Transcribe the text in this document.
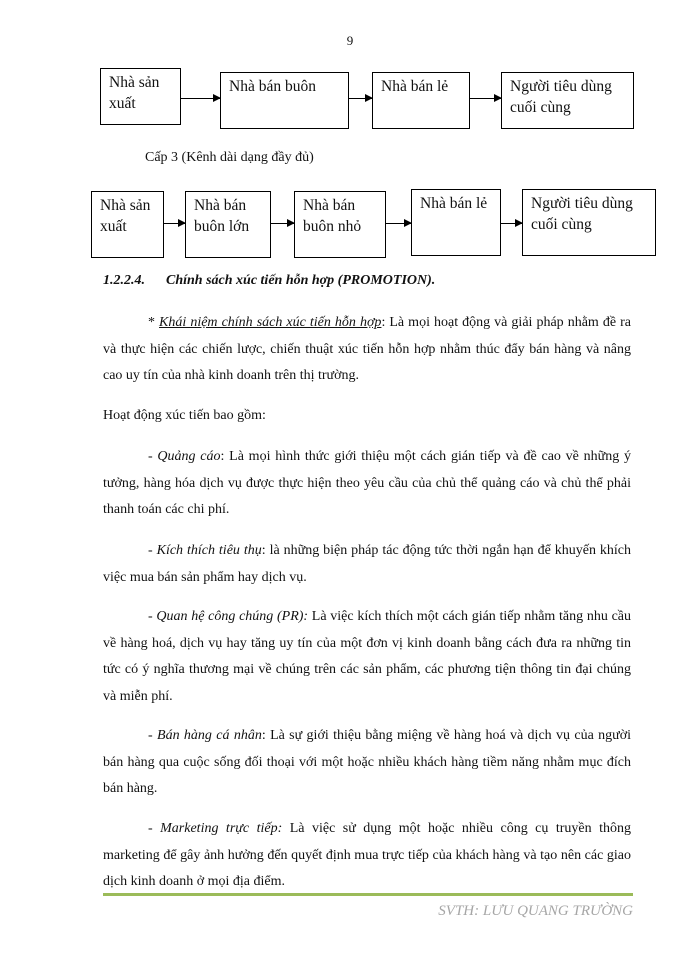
9
Nhà sản xuất
Nhà bán buôn	Nhà bán lẻ	Người tiêu dùng cuối cùng
Cấp 3 (Kênh dài dạng đầy đủ)
Nhà sản xuất
Nhà bán buôn lớn
Nhà bán buôn nhỏ
Nhà bán lẻ	Người tiêu dùng cuối cùng
1.2.2.4. Chính sách xúc tiến hỗn hợp (PROMOTION).

* Khái niệm chính sách xúc tiến hỗn hợp: Là mọi hoạt động và giải pháp nhằm đề ra và thực hiện các chiến lược, chiến thuật xúc tiến hỗn hợp nhằm thúc đẩy bán hàng và nâng cao uy tín của nhà kinh doanh trên thị trường.

Hoạt động xúc tiến bao gồm:

- Quảng cáo: Là mọi hình thức giới thiệu một cách gián tiếp và đề cao về những ý tưởng, hàng hóa dịch vụ được thực hiện theo yêu cầu của chủ thể quảng cáo và chủ thể phải thanh toán các chi phí.

- Kích thích tiêu thụ: là những biện pháp tác động tức thời ngắn hạn để khuyến khích việc mua bán sản phẩm hay dịch vụ.

- Quan hệ công chúng (PR): Là việc kích thích một cách gián tiếp nhằm tăng nhu cầu về hàng hoá, dịch vụ hay tăng uy tín của một đơn vị kinh doanh bằng cách đưa ra những tin tức có ý nghĩa thương mại về chúng trên các sản phẩm, các phương tiện thông tin đại chúng và miễn phí.

- Bán hàng cá nhân: Là sự giới thiệu bằng miệng về hàng hoá và dịch vụ của người bán hàng qua cuộc sống đối thoại với một hoặc nhiều khách hàng tiềm năng nhằm mục đích bán hàng.

- Marketing trực tiếp: Là việc sử dụng một hoặc nhiều công cụ truyền thông marketing để gây ảnh hưởng đến quyết định mua trực tiếp của khách hàng và tạo nên các giao dịch kinh doanh ở mọi địa điểm.

SVTH: LƯU QUANG TRƯỜNG
